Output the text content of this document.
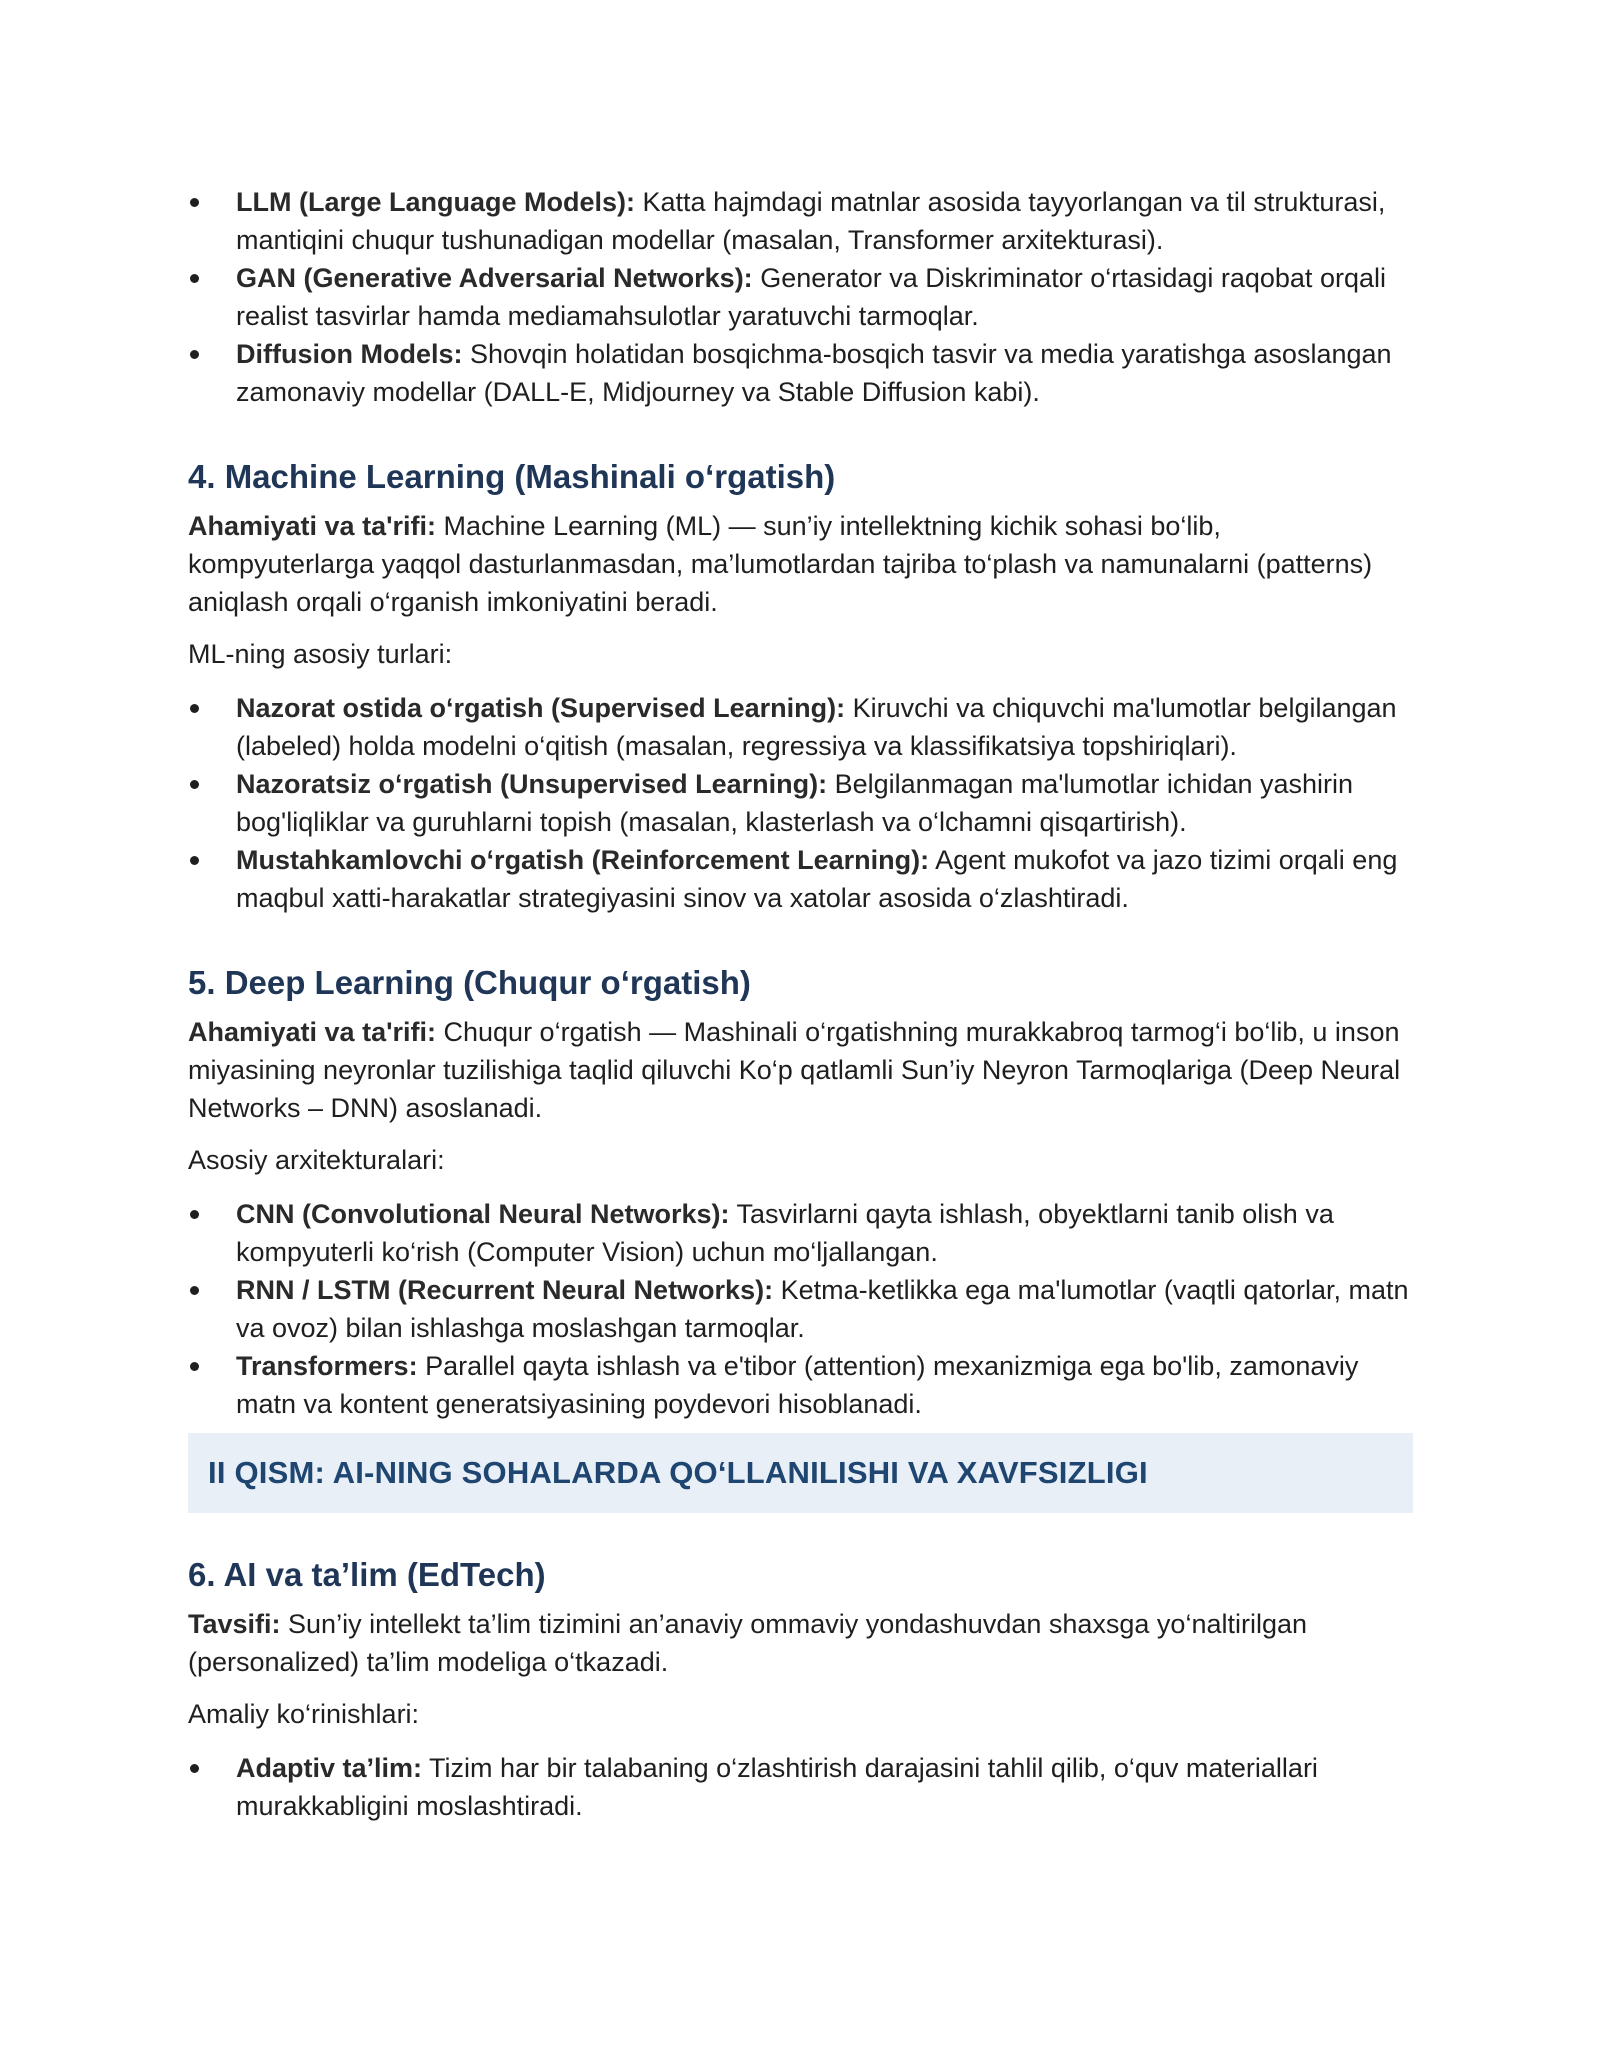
LLM (Large Language Models): Katta hajmdagi matnlar asosida tayyorlangan va til strukturasi, mantiqini chuqur tushunadigan modellar (masalan, Transformer arxitekturasi).
GAN (Generative Adversarial Networks): Generator va Diskriminator o‘rtasidagi raqobat orqali realist tasvirlar hamda mediamahsulotlar yaratuvchi tarmoqlar.
Diffusion Models: Shovqin holatidan bosqichma-bosqich tasvir va media yaratishga asoslangan zamonaviy modellar (DALL-E, Midjourney va Stable Diffusion kabi).
4. Machine Learning (Mashinali o‘rgatish)

Ahamiyati va ta'rifi: Machine Learning (ML) — sun’iy intellektning kichik sohasi bo‘lib, kompyuterlarga yaqqol dasturlanmasdan, ma’lumotlardan tajriba to‘plash va namunalarni (patterns) aniqlash orqali o‘rganish imkoniyatini beradi.

ML-ning asosiy turlari:

Nazorat ostida o‘rgatish (Supervised Learning): Kiruvchi va chiquvchi ma'lumotlar belgilangan (labeled) holda modelni o‘qitish (masalan, regressiya va klassifikatsiya topshiriqlari).
Nazoratsiz o‘rgatish (Unsupervised Learning): Belgilanmagan ma'lumotlar ichidan yashirin bog'liqliklar va guruhlarni topish (masalan, klasterlash va o‘lchamni qisqartirish).
Mustahkamlovchi o‘rgatish (Reinforcement Learning): Agent mukofot va jazo tizimi orqali eng maqbul xatti-harakatlar strategiyasini sinov va xatolar asosida o‘zlashtiradi.
5. Deep Learning (Chuqur o‘rgatish)

Ahamiyati va ta'rifi: Chuqur o‘rgatish — Mashinali o‘rgatishning murakkabroq tarmog‘i bo‘lib, u inson miyasining neyronlar tuzilishiga taqlid qiluvchi Ko‘p qatlamli Sun’iy Neyron Tarmoqlariga (Deep Neural Networks – DNN) asoslanadi.

Asosiy arxitekturalari:

CNN (Convolutional Neural Networks): Tasvirlarni qayta ishlash, obyektlarni tanib olish va kompyuterli ko‘rish (Computer Vision) uchun mo‘ljallangan.
RNN / LSTM (Recurrent Neural Networks): Ketma-ketlikka ega ma'lumotlar (vaqtli qatorlar, matn va ovoz) bilan ishlashga moslashgan tarmoqlar.
Transformers: Parallel qayta ishlash va e'tibor (attention) mexanizmiga ega bo'lib, zamonaviy matn va kontent generatsiyasining poydevori hisoblanadi.
II QISM: AI-NING SOHALARDA QO‘LLANILISHI VA XAVFSIZLIGI
6. AI va ta’lim (EdTech)

Tavsifi: Sun’iy intellekt ta’lim tizimini an’anaviy ommaviy yondashuvdan shaxsga yo‘naltirilgan (personalized) ta’lim modeliga o‘tkazadi.

Amaliy ko‘rinishlari:

Adaptiv ta’lim: Tizim har bir talabaning o‘zlashtirish darajasini tahlil qilib, o‘quv materiallari murakkabligini moslashtiradi.
